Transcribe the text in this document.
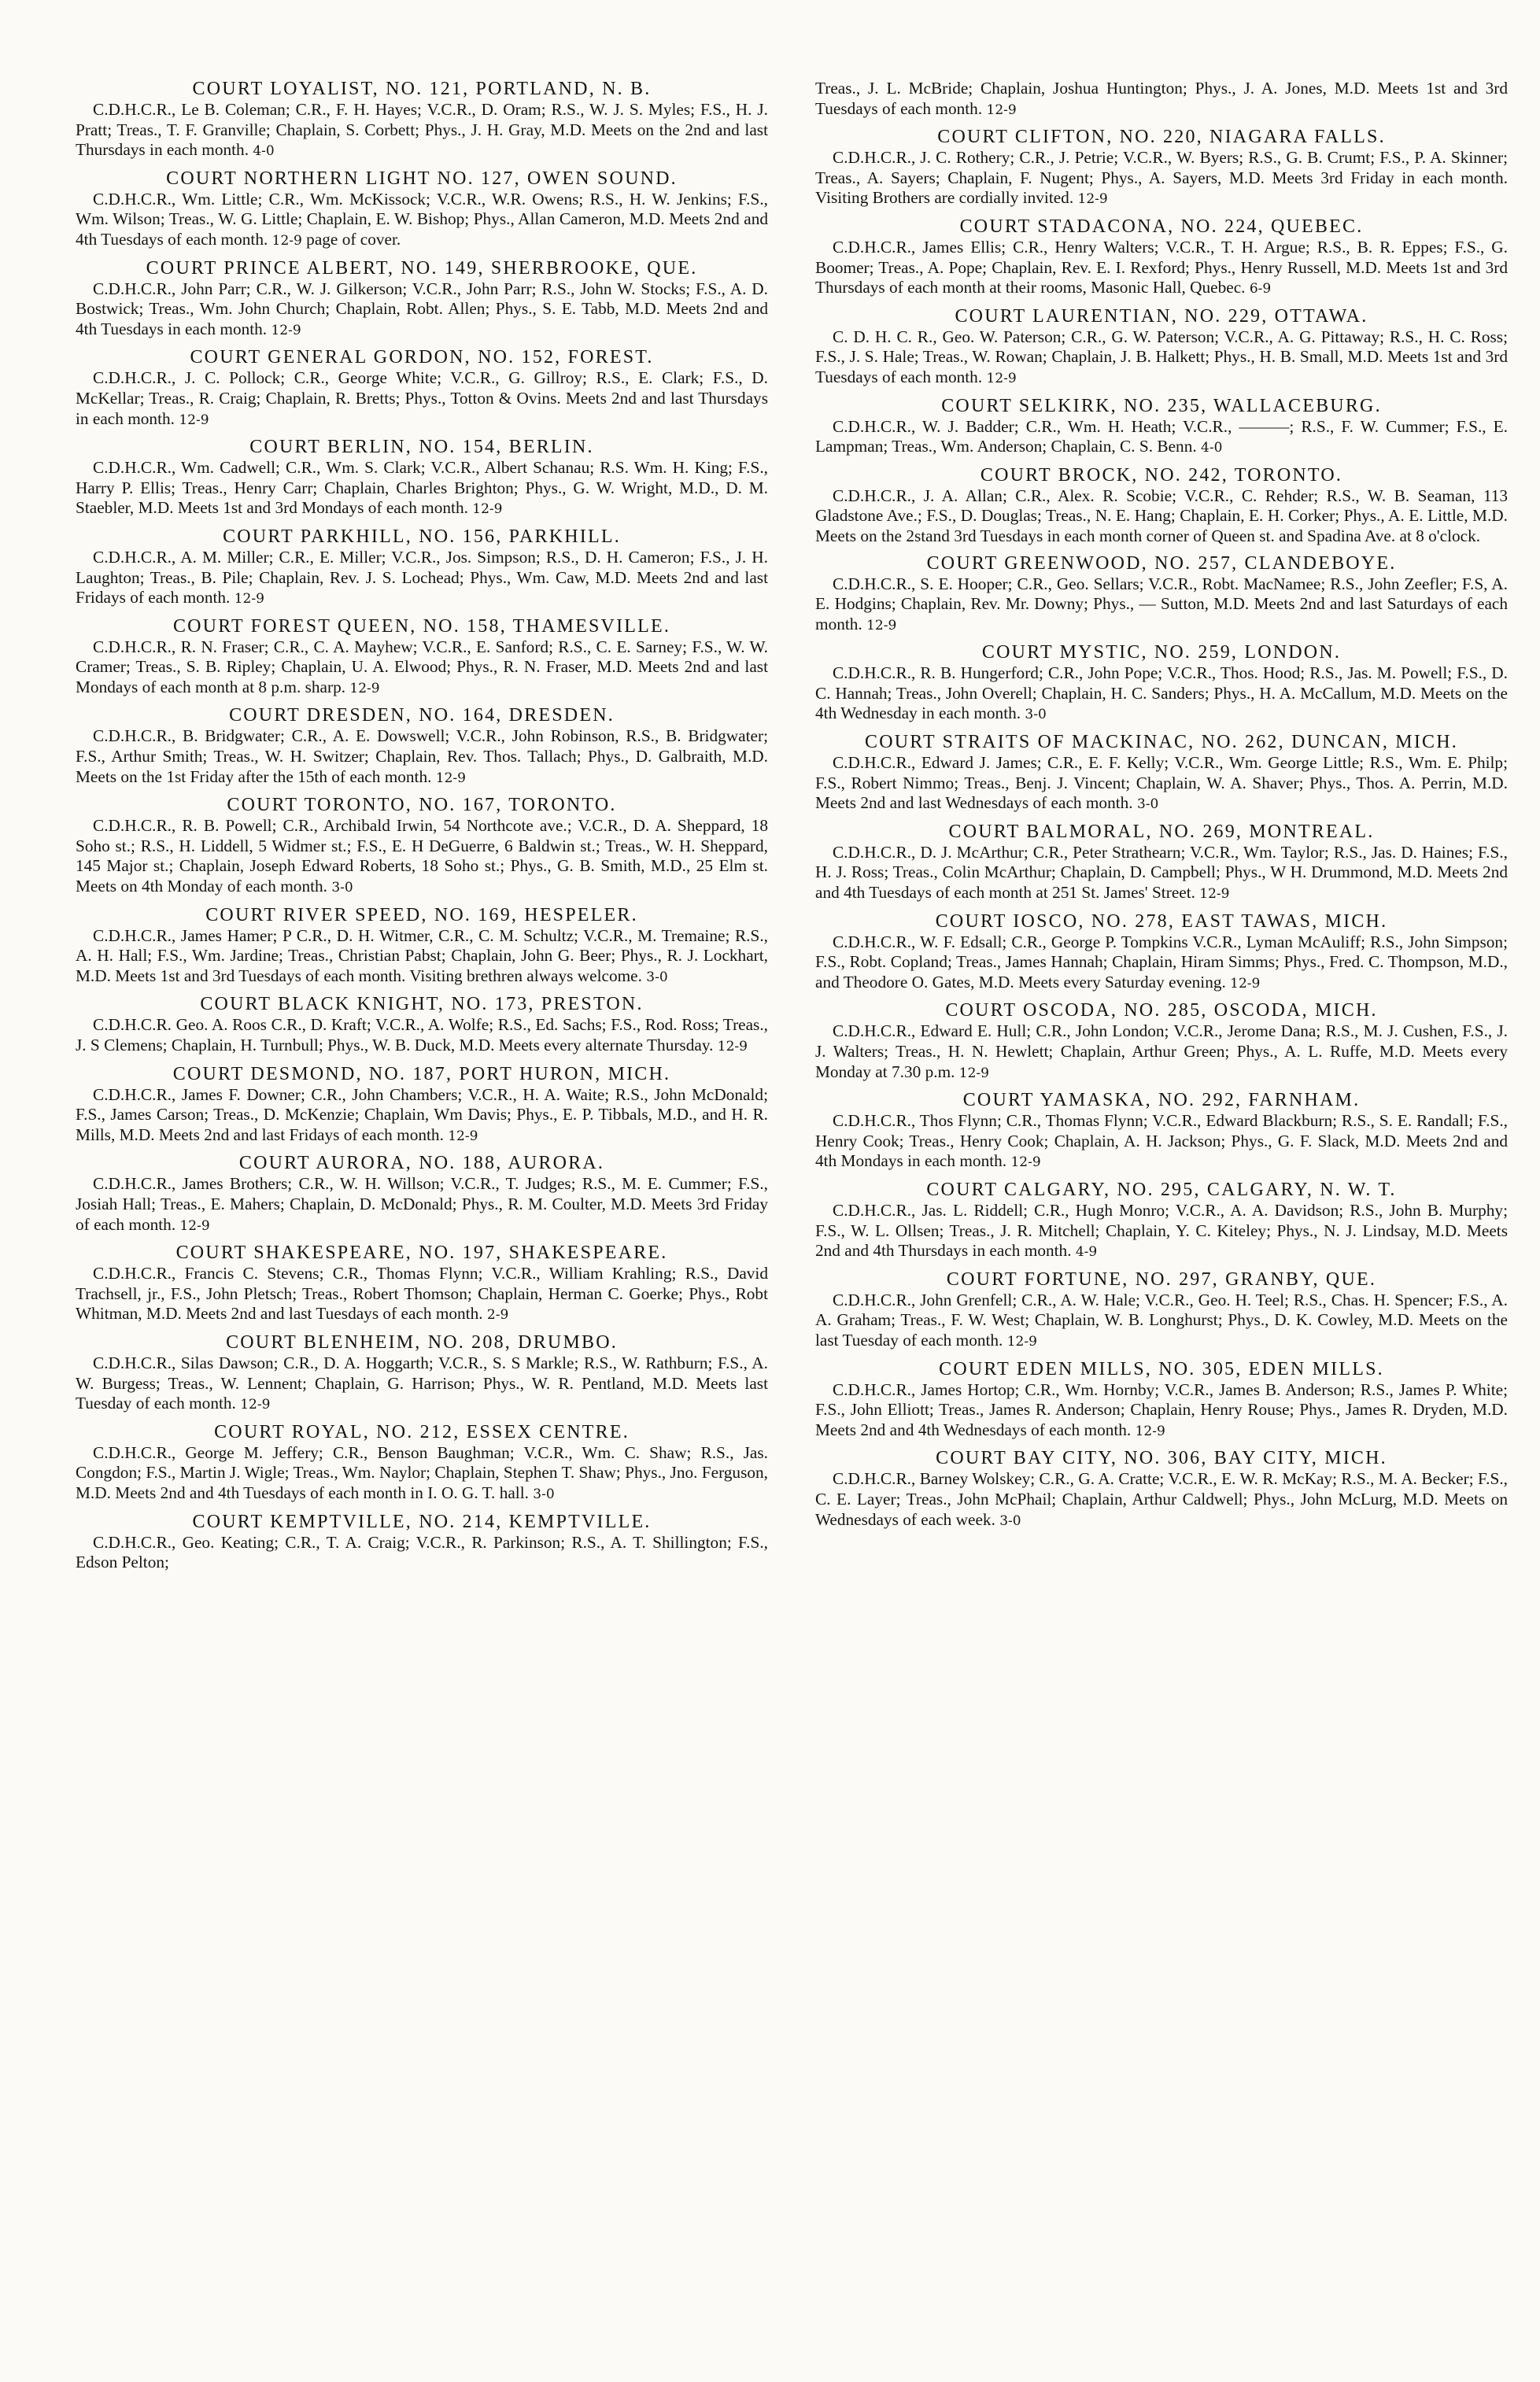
COURT LOYALIST, NO. 121, PORTLAND, N. B.
C.D.H.C.R., Le B. Coleman; C.R., F. H. Hayes; V.C.R., D. Oram; R.S., W. J. S. Myles; F.S., H. J. Pratt; Treas., T. F. Granville; Chaplain, S. Corbett; Phys., J. H. Gray, M.D. Meets on the 2nd and last Thursdays in each month. 4-0
COURT NORTHERN LIGHT NO. 127, OWEN SOUND.
C.D.H.C.R., Wm. Little; C.R., Wm. McKissock; V.C.R., W.R. Owens; R.S., H. W. Jenkins; F.S., Wm. Wilson; Treas., W. G. Little; Chaplain, E. W. Bishop; Phys., Allan Cameron, M.D. Meets 2nd and 4th Tuesdays of each month. 12-9 page of cover.
COURT PRINCE ALBERT, NO. 149, SHERBROOKE, QUE.
C.D.H.C.R., John Parr; C.R., W. J. Gilkerson; V.C.R., John Parr; R.S., John W. Stocks; F.S., A. D. Bostwick; Treas., Wm. John Church; Chaplain, Robt. Allen; Phys., S. E. Tabb, M.D. Meets 2nd and 4th Tuesdays in each month. 12-9
COURT GENERAL GORDON, NO. 152, FOREST.
C.D.H.C.R., J. C. Pollock; C.R., George White; V.C.R., G. Gillroy; R.S., E. Clark; F.S., D. McKellar; Treas., R. Craig; Chaplain, R. Bretts; Phys., Totton & Ovins. Meets 2nd and last Thursdays in each month. 12-9
COURT BERLIN, NO. 154, BERLIN.
C.D.H.C.R., Wm. Cadwell; C.R., Wm. S. Clark; V.C.R., Albert Schanau; R.S. Wm. H. King; F.S., Harry P. Ellis; Treas., Henry Carr; Chaplain, Charles Brighton; Phys., G. W. Wright, M.D., D. M. Staebler, M.D. Meets 1st and 3rd Mondays of each month. 12-9
COURT PARKHILL, NO. 156, PARKHILL.
C.D.H.C.R., A. M. Miller; C.R., E. Miller; V.C.R., Jos. Simpson; R.S., D. H. Cameron; F.S., J. H. Laughton; Treas., B. Pile; Chaplain, Rev. J. S. Lochead; Phys., Wm. Caw, M.D. Meets 2nd and last Fridays of each month. 12-9
COURT FOREST QUEEN, NO. 158, THAMESVILLE.
C.D.H.C.R., R. N. Fraser; C.R., C. A. Mayhew; V.C.R., E. Sanford; R.S., C. E. Sarney; F.S., W. W. Cramer; Treas., S. B. Ripley; Chaplain, U. A. Elwood; Phys., R. N. Fraser, M.D. Meets 2nd and last Mondays of each month at 8 p.m. sharp. 12-9
COURT DRESDEN, NO. 164, DRESDEN.
C.D.H.C.R., B. Bridgwater; C.R., A. E. Dowswell; V.C.R., John Robinson, R.S., B. Bridgwater; F.S., Arthur Smith; Treas., W. H. Switzer; Chaplain, Rev. Thos. Tallach; Phys., D. Galbraith, M.D. Meets on the 1st Friday after the 15th of each month. 12-9
COURT TORONTO, NO. 167, TORONTO.
C.D.H.C.R., R. B. Powell; C.R., Archibald Irwin, 54 Northcote ave.; V.C.R., D. A. Sheppard, 18 Soho st.; R.S., H. Liddell, 5 Widmer st.; F.S., E. H DeGuerre, 6 Baldwin st.; Treas., W. H. Sheppard, 145 Major st.; Chaplain, Joseph Edward Roberts, 18 Soho st.; Phys., G. B. Smith, M.D., 25 Elm st. Meets on 4th Monday of each month. 3-0
COURT RIVER SPEED, NO. 169, HESPELER.
C.D.H.C.R., James Hamer; P C.R., D. H. Witmer, C.R., C. M. Schultz; V.C.R., M. Tremaine; R.S., A. H. Hall; F.S., Wm. Jardine; Treas., Christian Pabst; Chaplain, John G. Beer; Phys., R. J. Lockhart, M.D. Meets 1st and 3rd Tuesdays of each month. Visiting brethren always welcome. 3-0
COURT BLACK KNIGHT, NO. 173, PRESTON.
C.D.H.C.R. Geo. A. Roos C.R., D. Kraft; V.C.R., A. Wolfe; R.S., Ed. Sachs; F.S., Rod. Ross; Treas., J. S Clemens; Chaplain, H. Turnbull; Phys., W. B. Duck, M.D. Meets every alternate Thursday. 12-9
COURT DESMOND, NO. 187, PORT HURON, MICH.
C.D.H.C.R., James F. Downer; C.R., John Chambers; V.C.R., H. A. Waite; R.S., John McDonald; F.S., James Carson; Treas., D. McKenzie; Chaplain, Wm Davis; Phys., E. P. Tibbals, M.D., and H. R. Mills, M.D. Meets 2nd and last Fridays of each month. 12-9
COURT AURORA, NO. 188, AURORA.
C.D.H.C.R., James Brothers; C.R., W. H. Willson; V.C.R., T. Judges; R.S., M. E. Cummer; F.S., Josiah Hall; Treas., E. Mahers; Chaplain, D. McDonald; Phys., R. M. Coulter, M.D. Meets 3rd Friday of each month. 12-9
COURT SHAKESPEARE, NO. 197, SHAKESPEARE.
C.D.H.C.R., Francis C. Stevens; C.R., Thomas Flynn; V.C.R., William Krahling; R.S., David Trachsell, jr., F.S., John Pletsch; Treas., Robert Thomson; Chaplain, Herman C. Goerke; Phys., Robt Whitman, M.D. Meets 2nd and last Tuesdays of each month. 2-9
COURT BLENHEIM, NO. 208, DRUMBO.
C.D.H.C.R., Silas Dawson; C.R., D. A. Hoggarth; V.C.R., S. S Markle; R.S., W. Rathburn; F.S., A. W. Burgess; Treas., W. Lennent; Chaplain, G. Harrison; Phys., W. R. Pentland, M.D. Meets last Tuesday of each month. 12-9
COURT ROYAL, NO. 212, ESSEX CENTRE.
C.D.H.C.R., George M. Jeffery; C.R., Benson Baughman; V.C.R., Wm. C. Shaw; R.S., Jas. Congdon; F.S., Martin J. Wigle; Treas., Wm. Naylor; Chaplain, Stephen T. Shaw; Phys., Jno. Ferguson, M.D. Meets 2nd and 4th Tuesdays of each month in I. O. G. T. hall. 3-0
COURT KEMPTVILLE, NO. 214, KEMPTVILLE.
C.D.H.C.R., Geo. Keating; C.R., T. A. Craig; V.C.R., R. Parkinson; R.S., A. T. Shillington; F.S., Edson Pelton;
Treas., J. L. McBride; Chaplain, Joshua Huntington; Phys., J. A. Jones, M.D. Meets 1st and 3rd Tuesdays of each month. 12-9
COURT CLIFTON, NO. 220, NIAGARA FALLS.
C.D.H.C.R., J. C. Rothery; C.R., J. Petrie; V.C.R., W. Byers; R.S., G. B. Crumt; F.S., P. A. Skinner; Treas., A. Sayers; Chaplain, F. Nugent; Phys., A. Sayers, M.D. Meets 3rd Friday in each month. Visiting Brothers are cordially invited. 12-9
COURT STADACONA, NO. 224, QUEBEC.
C.D.H.C.R., James Ellis; C.R., Henry Walters; V.C.R., T. H. Argue; R.S., B. R. Eppes; F.S., G. Boomer; Treas., A. Pope; Chaplain, Rev. E. I. Rexford; Phys., Henry Russell, M.D. Meets 1st and 3rd Thursdays of each month at their rooms, Masonic Hall, Quebec. 6-9
COURT LAURENTIAN, NO. 229, OTTAWA.
C. D. H. C. R., Geo. W. Paterson; C.R., G. W. Paterson; V.C.R., A. G. Pittaway; R.S., H. C. Ross; F.S., J. S. Hale; Treas., W. Rowan; Chaplain, J. B. Halkett; Phys., H. B. Small, M.D. Meets 1st and 3rd Tuesdays of each month. 12-9
COURT SELKIRK, NO. 235, WALLACEBURG.
C.D.H.C.R., W. J. Badder; C.R., Wm. H. Heath; V.C.R., ———; R.S., F. W. Cummer; F.S., E. Lampman; Treas., Wm. Anderson; Chaplain, C. S. Benn. 4-0
COURT BROCK, NO. 242, TORONTO.
C.D.H.C.R., J. A. Allan; C.R., Alex. R. Scobie; V.C.R., C. Rehder; R.S., W. B. Seaman, 113 Gladstone Ave.; F.S., D. Douglas; Treas., N. E. Hang; Chaplain, E. H. Corker; Phys., A. E. Little, M.D. Meets on the 2stand 3rd Tuesdays in each month corner of Queen st. and Spadina Ave. at 8 o'clock.
COURT GREENWOOD, NO. 257, CLANDEBOYE.
C.D.H.C.R., S. E. Hooper; C.R., Geo. Sellars; V.C.R., Robt. MacNamee; R.S., John Zeefler; F.S, A. E. Hodgins; Chaplain, Rev. Mr. Downy; Phys., — Sutton, M.D. Meets 2nd and last Saturdays of each month. 12-9
COURT MYSTIC, NO. 259, LONDON.
C.D.H.C.R., R. B. Hungerford; C.R., John Pope; V.C.R., Thos. Hood; R.S., Jas. M. Powell; F.S., D. C. Hannah; Treas., John Overell; Chaplain, H. C. Sanders; Phys., H. A. McCallum, M.D. Meets on the 4th Wednesday in each month. 3-0
COURT STRAITS OF MACKINAC, NO. 262, DUNCAN, MICH.
C.D.H.C.R., Edward J. James; C.R., E. F. Kelly; V.C.R., Wm. George Little; R.S., Wm. E. Philp; F.S., Robert Nimmo; Treas., Benj. J. Vincent; Chaplain, W. A. Shaver; Phys., Thos. A. Perrin, M.D. Meets 2nd and last Wednesdays of each month. 3-0
COURT BALMORAL, NO. 269, MONTREAL.
C.D.H.C.R., D. J. McArthur; C.R., Peter Strathearn; V.C.R., Wm. Taylor; R.S., Jas. D. Haines; F.S., H. J. Ross; Treas., Colin McArthur; Chaplain, D. Campbell; Phys., W H. Drummond, M.D. Meets 2nd and 4th Tuesdays of each month at 251 St. James' Street. 12-9
COURT IOSCO, NO. 278, EAST TAWAS, MICH.
C.D.H.C.R., W. F. Edsall; C.R., George P. Tompkins V.C.R., Lyman McAuliff; R.S., John Simpson; F.S., Robt. Copland; Treas., James Hannah; Chaplain, Hiram Simms; Phys., Fred. C. Thompson, M.D., and Theodore O. Gates, M.D. Meets every Saturday evening. 12-9
COURT OSCODA, NO. 285, OSCODA, MICH.
C.D.H.C.R., Edward E. Hull; C.R., John London; V.C.R., Jerome Dana; R.S., M. J. Cushen, F.S., J. J. Walters; Treas., H. N. Hewlett; Chaplain, Arthur Green; Phys., A. L. Ruffe, M.D. Meets every Monday at 7.30 p.m. 12-9
COURT YAMASKA, NO. 292, FARNHAM.
C.D.H.C.R., Thos Flynn; C.R., Thomas Flynn; V.C.R., Edward Blackburn; R.S., S. E. Randall; F.S., Henry Cook; Treas., Henry Cook; Chaplain, A. H. Jackson; Phys., G. F. Slack, M.D. Meets 2nd and 4th Mondays in each month. 12-9
COURT CALGARY, NO. 295, CALGARY, N. W. T.
C.D.H.C.R., Jas. L. Riddell; C.R., Hugh Monro; V.C.R., A. A. Davidson; R.S., John B. Murphy; F.S., W. L. Ollsen; Treas., J. R. Mitchell; Chaplain, Y. C. Kiteley; Phys., N. J. Lindsay, M.D. Meets 2nd and 4th Thursdays in each month. 4-9
COURT FORTUNE, NO. 297, GRANBY, QUE.
C.D.H.C.R., John Grenfell; C.R., A. W. Hale; V.C.R., Geo. H. Teel; R.S., Chas. H. Spencer; F.S., A. A. Graham; Treas., F. W. West; Chaplain, W. B. Longhurst; Phys., D. K. Cowley, M.D. Meets on the last Tuesday of each month. 12-9
COURT EDEN MILLS, NO. 305, EDEN MILLS.
C.D.H.C.R., James Hortop; C.R., Wm. Hornby; V.C.R., James B. Anderson; R.S., James P. White; F.S., John Elliott; Treas., James R. Anderson; Chaplain, Henry Rouse; Phys., James R. Dryden, M.D. Meets 2nd and 4th Wednesdays of each month. 12-9
COURT BAY CITY, NO. 306, BAY CITY, MICH.
C.D.H.C.R., Barney Wolskey; C.R., G. A. Cratte; V.C.R., E. W. R. McKay; R.S., M. A. Becker; F.S., C. E. Layer; Treas., John McPhail; Chaplain, Arthur Caldwell; Phys., John McLurg, M.D. Meets on Wednesdays of each week. 3-0
